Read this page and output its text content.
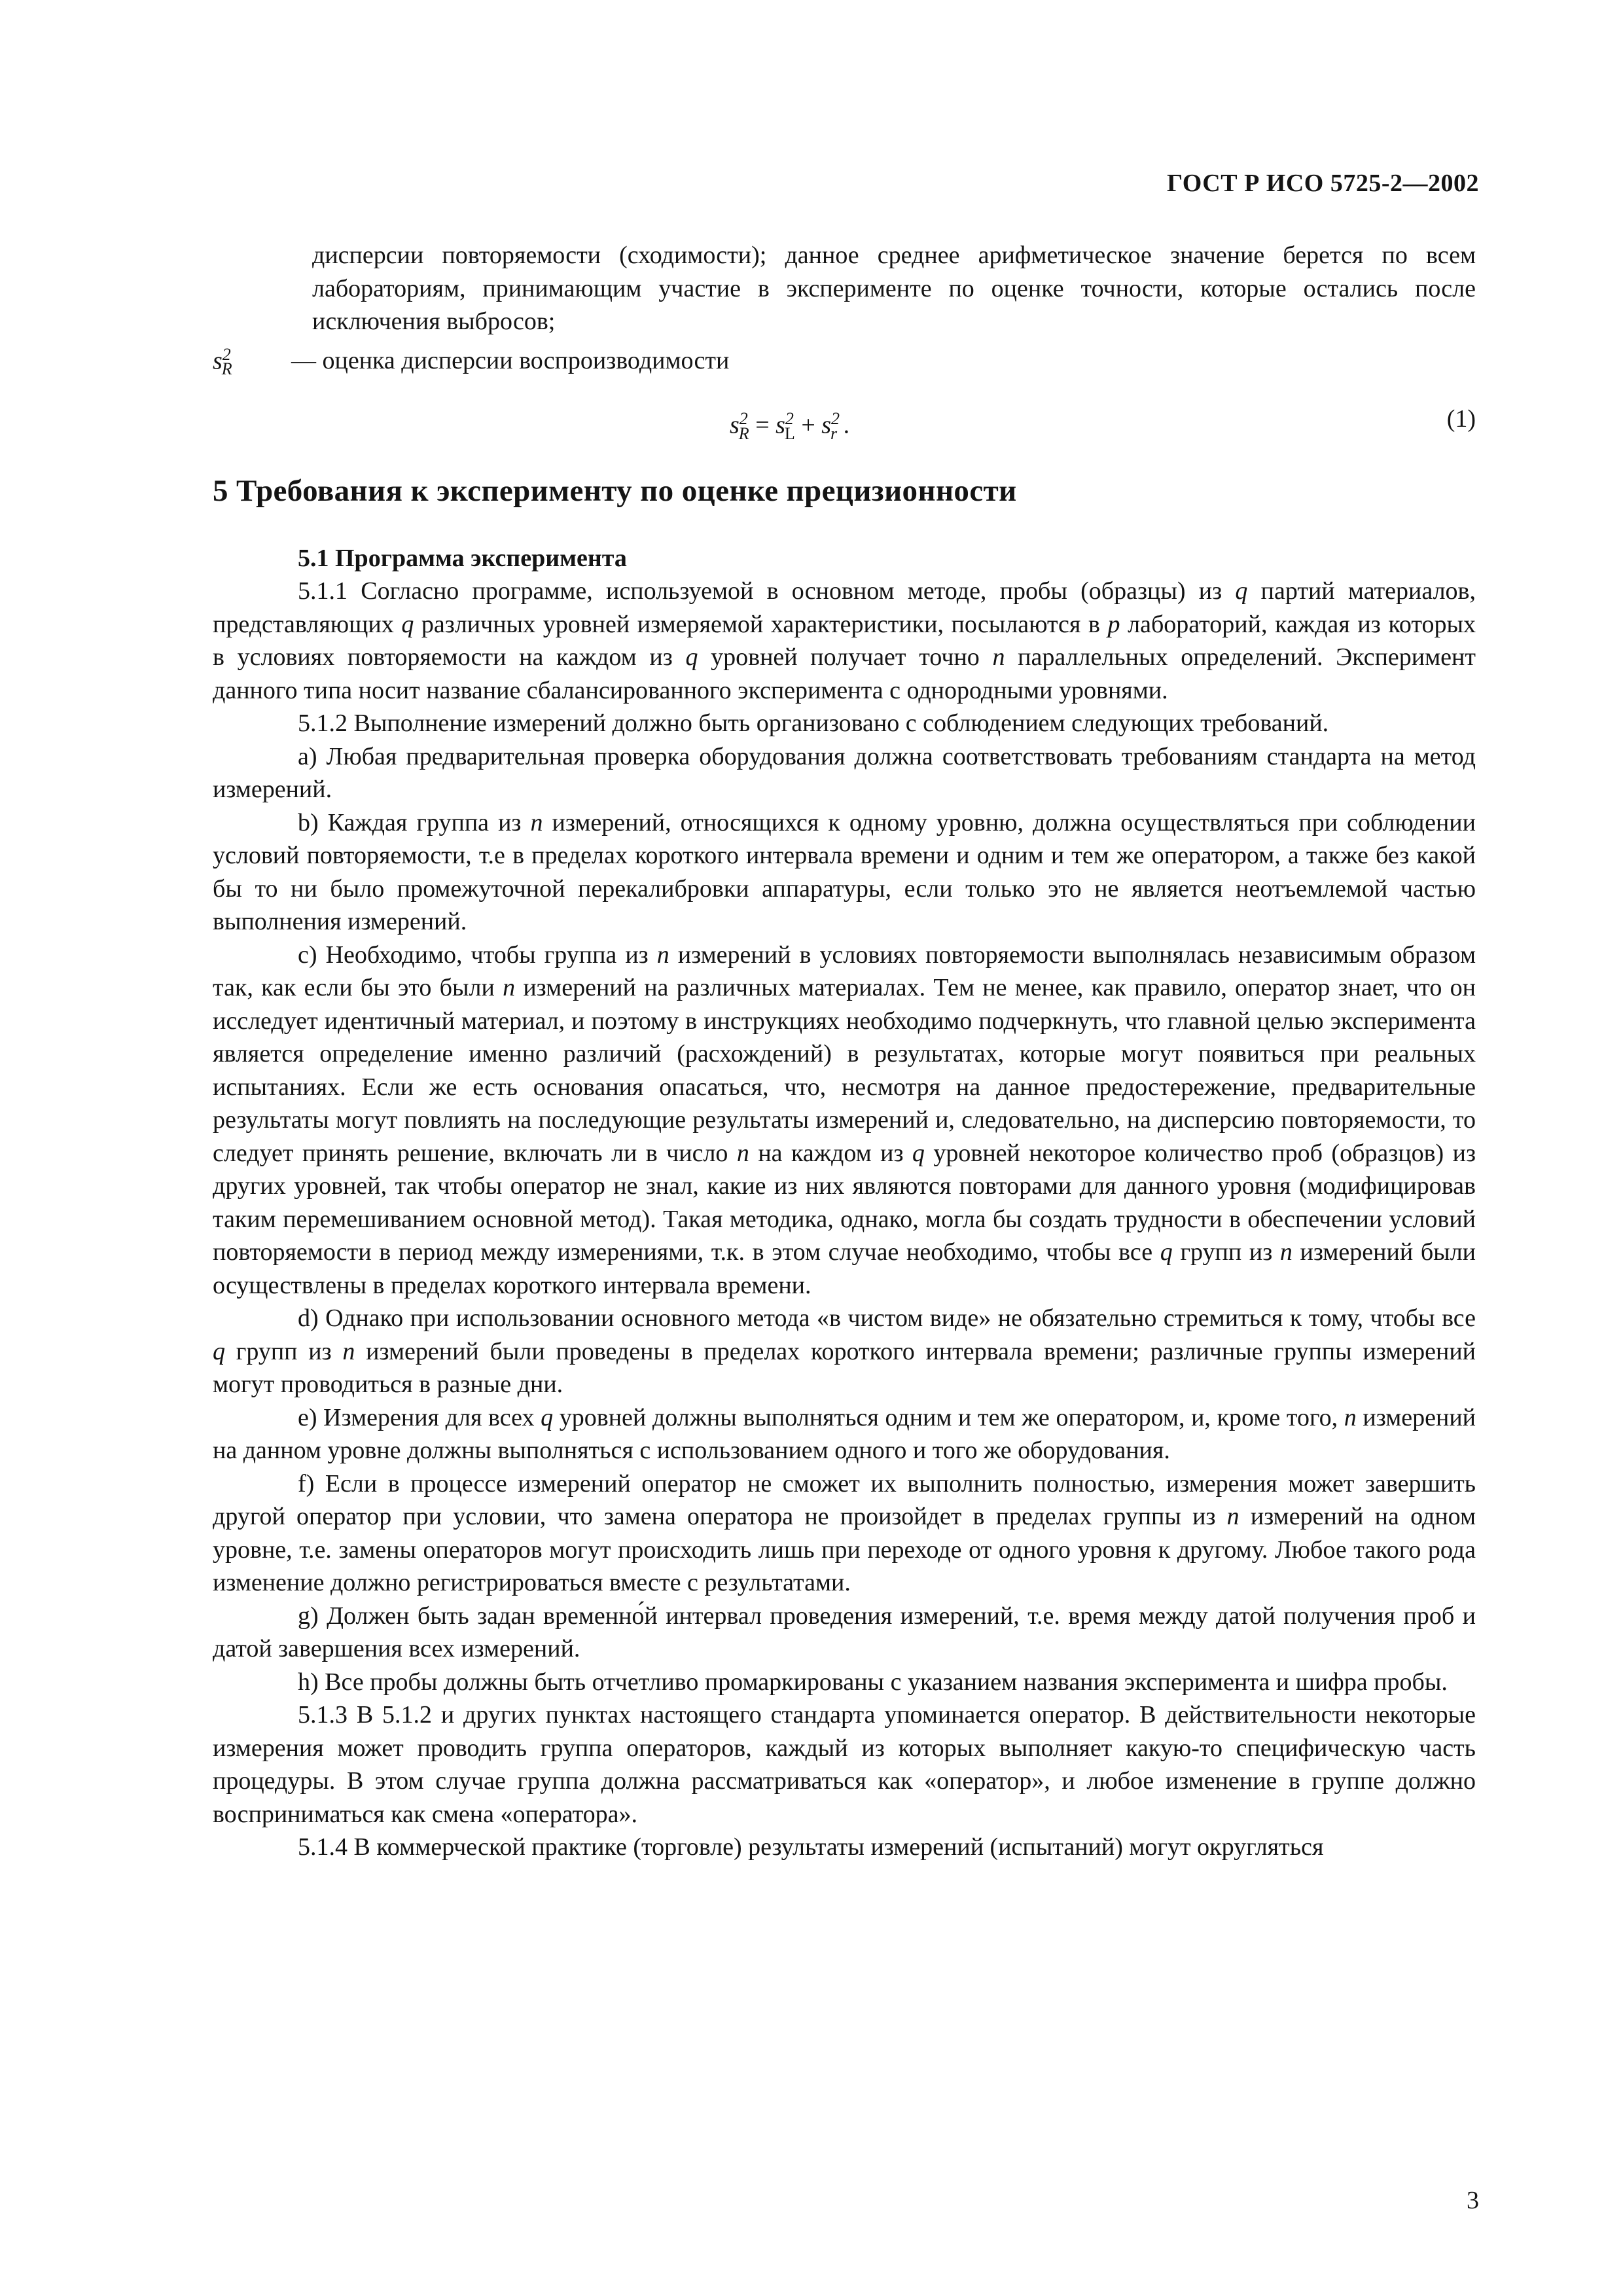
ГОСТ Р ИСО 5725-2—2002

дисперсии повторяемости (сходимости); данное среднее арифметическое значение берется по всем лабораториям, принимающим участие в эксперименте по оценке точности, которые остались после исключения выбросов;

$s^2_R$	— оценка дисперсии воспроизводимости
$s^2_R = s^2_L + s^2_r$ .	(1)
5 Требования к эксперименту по оценке прецизионности

5.1 Программа эксперимента

5.1.1 Согласно программе, используемой в основном методе, пробы (образцы) из q партий материалов, представляющих q различных уровней измеряемой характеристики, посылаются в p лабораторий, каждая из которых в условиях повторяемости на каждом из q уровней получает точно n параллельных определений. Эксперимент данного типа носит название сбалансированного эксперимента с однородными уровнями.

5.1.2 Выполнение измерений должно быть организовано с соблюдением следующих требований.

a) Любая предварительная проверка оборудования должна соответствовать требованиям стандарта на метод измерений.

b) Каждая группа из n измерений, относящихся к одному уровню, должна осуществляться при соблюдении условий повторяемости, т.е в пределах короткого интервала времени и одним и тем же оператором, а также без какой бы то ни было промежуточной перекалибровки аппаратуры, если только это не является неотъемлемой частью выполнения измерений.

c) Необходимо, чтобы группа из n измерений в условиях повторяемости выполнялась независимым образом так, как если бы это были n измерений на различных материалах. Тем не менее, как правило, оператор знает, что он исследует идентичный материал, и поэтому в инструкциях необходимо подчеркнуть, что главной целью эксперимента является определение именно различий (расхождений) в результатах, которые могут появиться при реальных испытаниях. Если же есть основания опасаться, что, несмотря на данное предостережение, предварительные результаты могут повлиять на последующие результаты измерений и, следовательно, на дисперсию повторяемости, то следует принять решение, включать ли в число n на каждом из q уровней некоторое количество проб (образцов) из других уровней, так чтобы оператор не знал, какие из них являются повторами для данного уровня (модифицировав таким перемешиванием основной метод). Такая методика, однако, могла бы создать трудности в обеспечении условий повторяемости в период между измерениями, т.к. в этом случае необходимо, чтобы все q групп из n измерений были осуществлены в пределах короткого интервала времени.

d) Однако при использовании основного метода «в чистом виде» не обязательно стремиться к тому, чтобы все q групп из n измерений были проведены в пределах короткого интервала времени; различные группы измерений могут проводиться в разные дни.

e) Измерения для всех q уровней должны выполняться одним и тем же оператором, и, кроме того, n измерений на данном уровне должны выполняться с использованием одного и того же оборудования.

f) Если в процессе измерений оператор не сможет их выполнить полностью, измерения может завершить другой оператор при условии, что замена оператора не произойдет в пределах группы из n измерений на одном уровне, т.е. замены операторов могут происходить лишь при переходе от одного уровня к другому. Любое такого рода изменение должно регистрироваться вместе с результатами.

g) Должен быть задан временно́й интервал проведения измерений, т.е. время между датой получения проб и датой завершения всех измерений.

h) Все пробы должны быть отчетливо промаркированы с указанием названия эксперимента и шифра пробы.

5.1.3 В 5.1.2 и других пунктах настоящего стандарта упоминается оператор. В действительности некоторые измерения может проводить группа операторов, каждый из которых выполняет какую-то специфическую часть процедуры. В этом случае группа должна рассматриваться как «оператор», и любое изменение в группе должно восприниматься как смена «оператора».

5.1.4 В коммерческой практике (торговле) результаты измерений (испытаний) могут округляться

3
